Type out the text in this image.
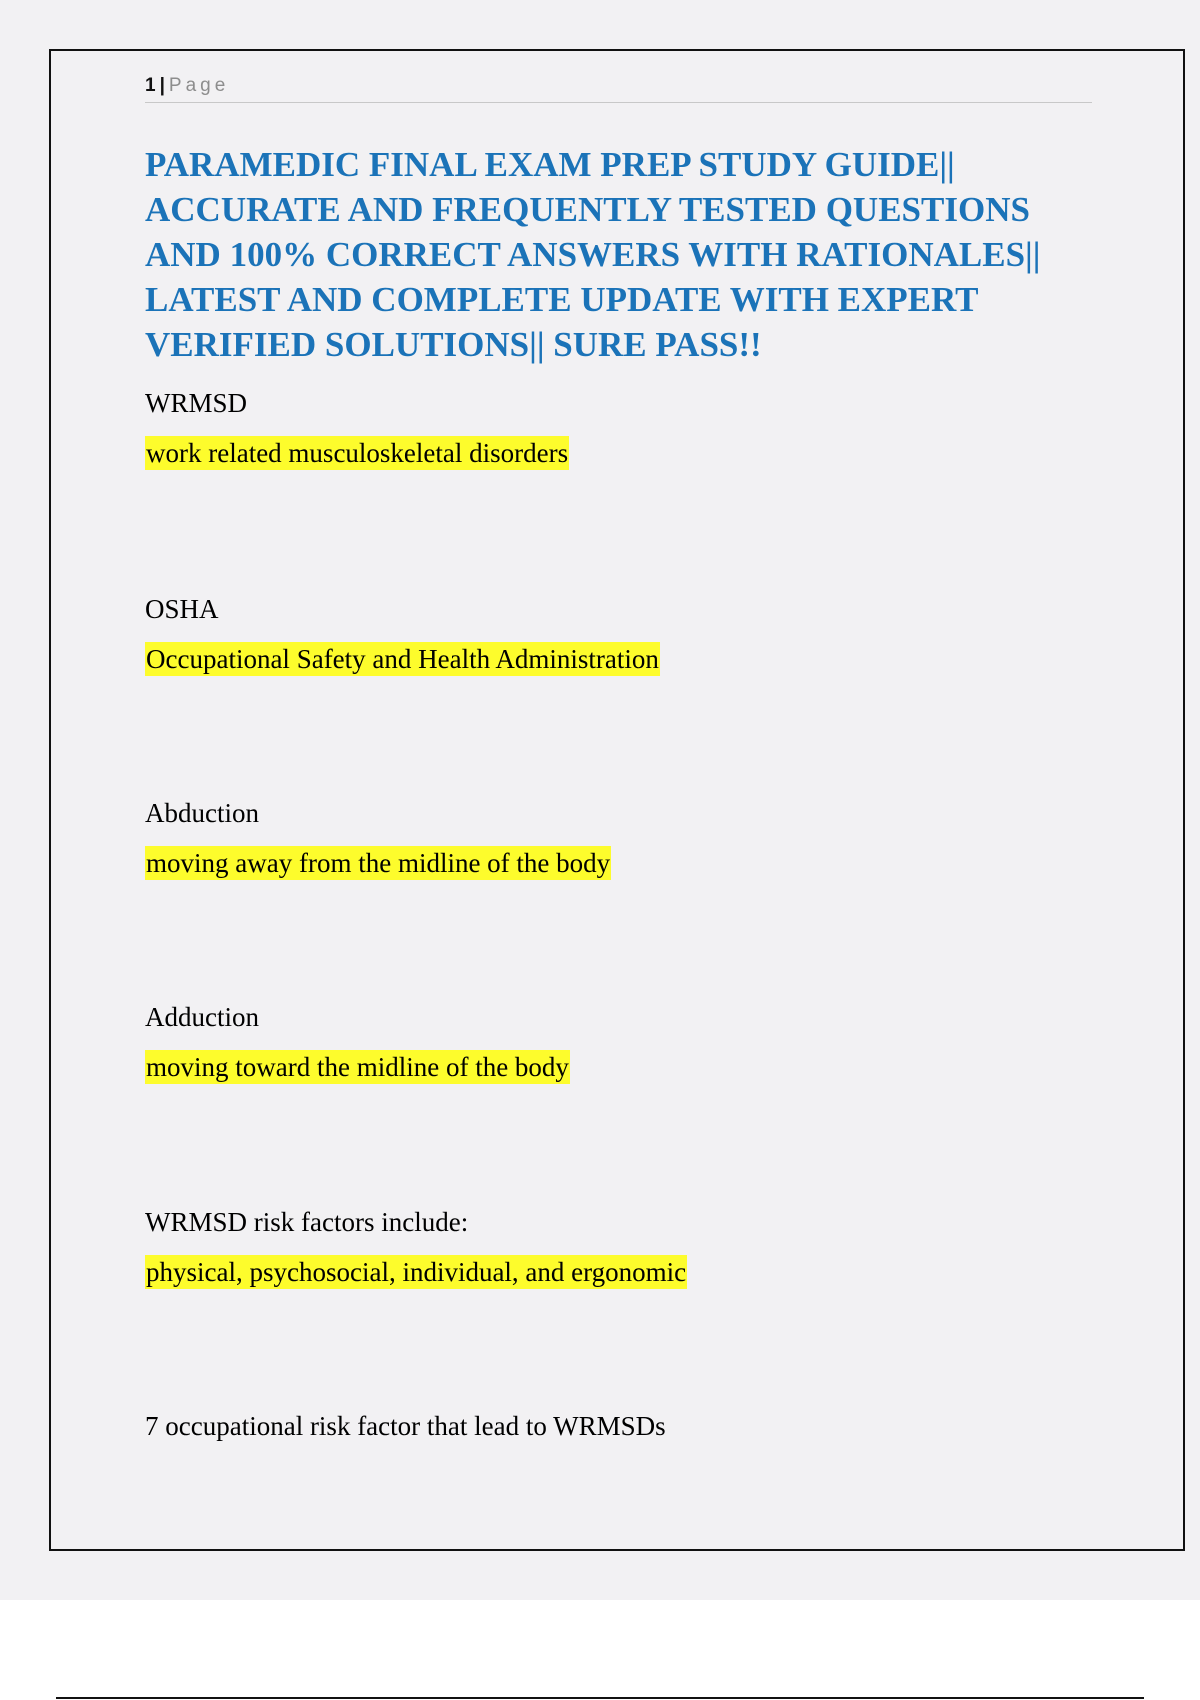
1 | Page
PARAMEDIC FINAL EXAM PREP STUDY GUIDE|| ACCURATE AND FREQUENTLY TESTED QUESTIONS AND 100% CORRECT ANSWERS WITH RATIONALES|| LATEST AND COMPLETE UPDATE WITH EXPERT VERIFIED SOLUTIONS|| SURE PASS!!
WRMSD
work related musculoskeletal disorders
OSHA
Occupational Safety and Health Administration
Abduction
moving away from the midline of the body
Adduction
moving toward the midline of the body
WRMSD risk factors include:
physical, psychosocial, individual, and ergonomic
7 occupational risk factor that lead to WRMSDs
